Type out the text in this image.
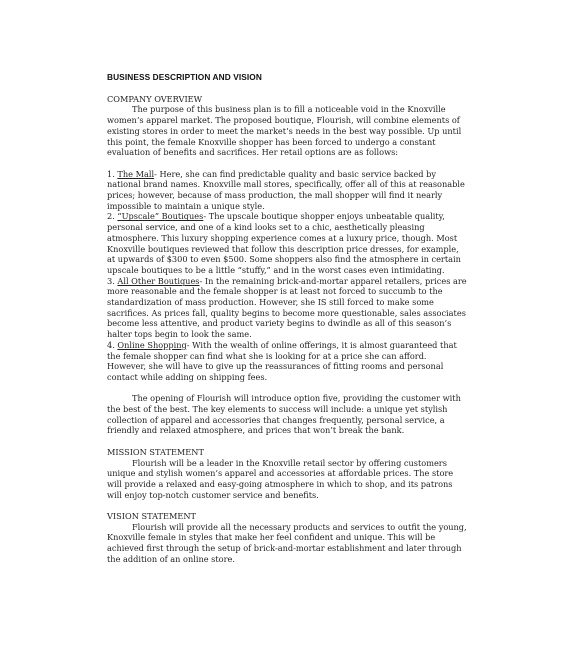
BUSINESS DESCRIPTION AND VISION
COMPANY OVERVIEW

The purpose of this business plan is to fill a noticeable void in the Knoxville women’s apparel market. The proposed boutique, Flourish, will combine elements of existing stores in order to meet the market’s needs in the best way possible. Up until this point, the female Knoxville shopper has been forced to undergo a constant evaluation of benefits and sacrifices. Her retail options are as follows:

1. The Mall- Here, she can find predictable quality and basic service backed by national brand names. Knoxville mall stores, specifically, offer all of this at reasonable prices; however, because of mass production, the mall shopper will find it nearly impossible to maintain a unique style.

2. “Upscale” Boutiques- The upscale boutique shopper enjoys unbeatable quality, personal service, and one of a kind looks set to a chic, aesthetically pleasing atmosphere. This luxury shopping experience comes at a luxury price, though. Most Knoxville boutiques reviewed that follow this description price dresses, for example, at upwards of $300 to even $500. Some shoppers also find the atmosphere in certain upscale boutiques to be a little “stuffy,” and in the worst cases even intimidating.

3. All Other Boutiques- In the remaining brick-and-mortar apparel retailers, prices are more reasonable and the female shopper is at least not forced to succumb to the standardization of mass production. However, she IS still forced to make some sacrifices. As prices fall, quality begins to become more questionable, sales associates become less attentive, and product variety begins to dwindle as all of this season’s halter tops begin to look the same.

4. Online Shopping- With the wealth of online offerings, it is almost guaranteed that the female shopper can find what she is looking for at a price she can afford. However, she will have to give up the reassurances of fitting rooms and personal contact while adding on shipping fees.

The opening of Flourish will introduce option five, providing the customer with the best of the best. The key elements to success will include: a unique yet stylish collection of apparel and accessories that changes frequently, personal service, a friendly and relaxed atmosphere, and prices that won’t break the bank.

MISSION STATEMENT

Flourish will be a leader in the Knoxville retail sector by offering customers unique and stylish women’s apparel and accessories at affordable prices. The store will provide a relaxed and easy-going atmosphere in which to shop, and its patrons will enjoy top-notch customer service and benefits.

VISION STATEMENT

Flourish will provide all the necessary products and services to outfit the young, Knoxville female in styles that make her feel confident and unique. This will be achieved first through the setup of brick-and-mortar establishment and later through the addition of an online store.
